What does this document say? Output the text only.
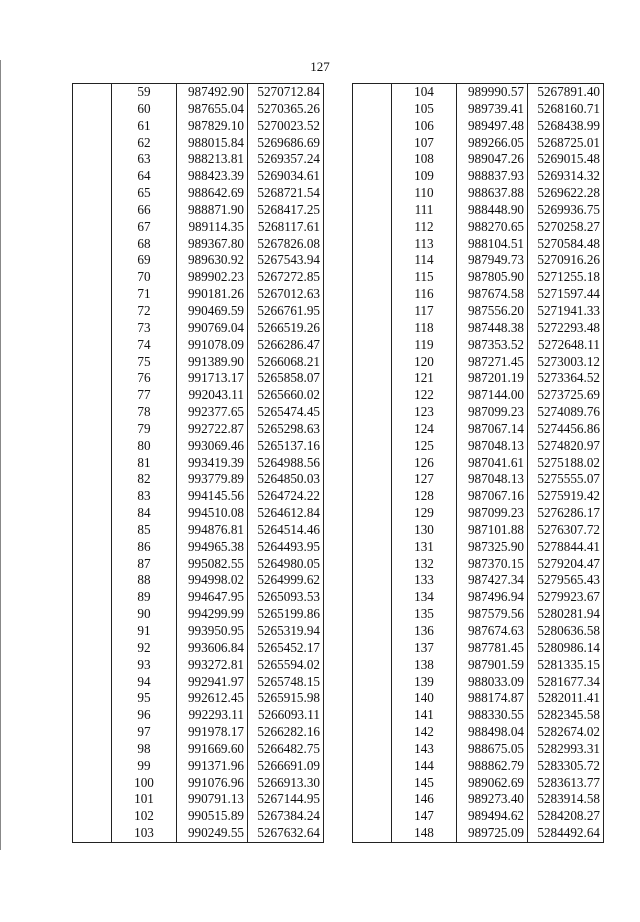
127
	59	987492.90	5270712.84
	60	987655.04	5270365.26
	61	987829.10	5270023.52
	62	988015.84	5269686.69
	63	988213.81	5269357.24
	64	988423.39	5269034.61
	65	988642.69	5268721.54
	66	988871.90	5268417.25
	67	989114.35	5268117.61
	68	989367.80	5267826.08
	69	989630.92	5267543.94
	70	989902.23	5267272.85
	71	990181.26	5267012.63
	72	990469.59	5266761.95
	73	990769.04	5266519.26
	74	991078.09	5266286.47
	75	991389.90	5266068.21
	76	991713.17	5265858.07
	77	992043.11	5265660.02
	78	992377.65	5265474.45
	79	992722.87	5265298.63
	80	993069.46	5265137.16
	81	993419.39	5264988.56
	82	993779.89	5264850.03
	83	994145.56	5264724.22
	84	994510.08	5264612.84
	85	994876.81	5264514.46
	86	994965.38	5264493.95
	87	995082.55	5264980.05
	88	994998.02	5264999.62
	89	994647.95	5265093.53
	90	994299.99	5265199.86
	91	993950.95	5265319.94
	92	993606.84	5265452.17
	93	993272.81	5265594.02
	94	992941.97	5265748.15
	95	992612.45	5265915.98
	96	992293.11	5266093.11
	97	991978.17	5266282.16
	98	991669.60	5266482.75
	99	991371.96	5266691.09
	100	991076.96	5266913.30
	101	990791.13	5267144.95
	102	990515.89	5267384.24
	103	990249.55	5267632.64
	104	989990.57	5267891.40
	105	989739.41	5268160.71
	106	989497.48	5268438.99
	107	989266.05	5268725.01
	108	989047.26	5269015.48
	109	988837.93	5269314.32
	110	988637.88	5269622.28
	111	988448.90	5269936.75
	112	988270.65	5270258.27
	113	988104.51	5270584.48
	114	987949.73	5270916.26
	115	987805.90	5271255.18
	116	987674.58	5271597.44
	117	987556.20	5271941.33
	118	987448.38	5272293.48
	119	987353.52	5272648.11
	120	987271.45	5273003.12
	121	987201.19	5273364.52
	122	987144.00	5273725.69
	123	987099.23	5274089.76
	124	987067.14	5274456.86
	125	987048.13	5274820.97
	126	987041.61	5275188.02
	127	987048.13	5275555.07
	128	987067.16	5275919.42
	129	987099.23	5276286.17
	130	987101.88	5276307.72
	131	987325.90	5278844.41
	132	987370.15	5279204.47
	133	987427.34	5279565.43
	134	987496.94	5279923.67
	135	987579.56	5280281.94
	136	987674.63	5280636.58
	137	987781.45	5280986.14
	138	987901.59	5281335.15
	139	988033.09	5281677.34
	140	988174.87	5282011.41
	141	988330.55	5282345.58
	142	988498.04	5282674.02
	143	988675.05	5282993.31
	144	988862.79	5283305.72
	145	989062.69	5283613.77
	146	989273.40	5283914.58
	147	989494.62	5284208.27
	148	989725.09	5284492.64
